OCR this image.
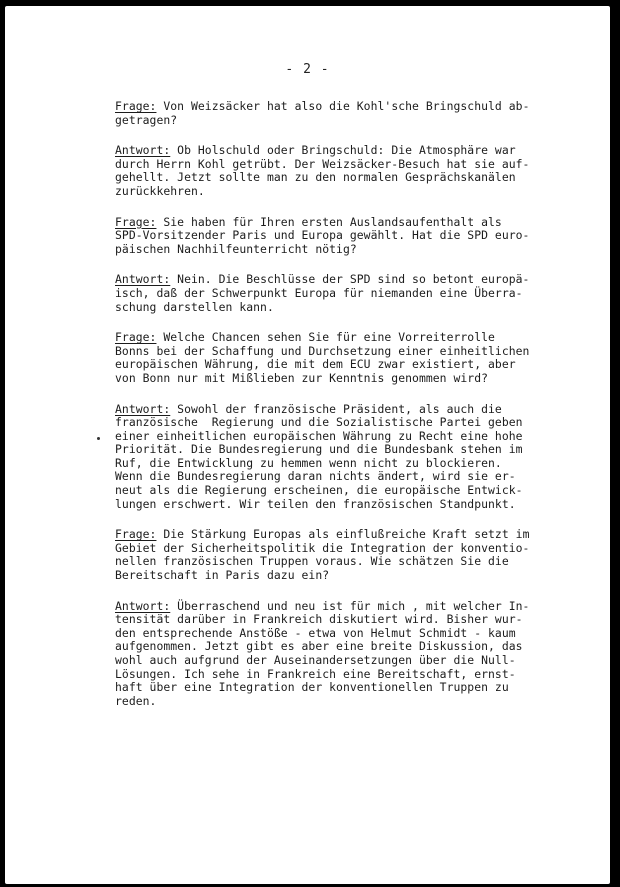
- 2 -

Frage: Von Weizsäcker hat also die Kohl'sche Bringschuld ab-
getragen?

Antwort: Ob Holschuld oder Bringschuld: Die Atmosphäre war
durch Herrn Kohl getrübt. Der Weizsäcker-Besuch hat sie auf-
gehellt. Jetzt sollte man zu den normalen Gesprächskanälen
zurückkehren.

Frage: Sie haben für Ihren ersten Auslandsaufenthalt als
SPD-Vorsitzender Paris und Europa gewählt. Hat die SPD euro-
päischen Nachhilfeunterricht nötig?

Antwort: Nein. Die Beschlüsse der SPD sind so betont europä-
isch, daß der Schwerpunkt Europa für niemanden eine Überra-
schung darstellen kann.

Frage: Welche Chancen sehen Sie für eine Vorreiterrolle
Bonns bei der Schaffung und Durchsetzung einer einheitlichen
europäischen Währung, die mit dem ECU zwar existiert, aber
von Bonn nur mit Mißlieben zur Kenntnis genommen wird?

Antwort: Sowohl der französische Präsident, als auch die
französische  Regierung und die Sozialistische Partei geben
einer einheitlichen europäischen Währung zu Recht eine hohe
Priorität. Die Bundesregierung und die Bundesbank stehen im
Ruf, die Entwicklung zu hemmen wenn nicht zu blockieren.
Wenn die Bundesregierung daran nichts ändert, wird sie er-
neut als die Regierung erscheinen, die europäische Entwick-
lungen erschwert. Wir teilen den französischen Standpunkt.

Frage: Die Stärkung Europas als einflußreiche Kraft setzt im
Gebiet der Sicherheitspolitik die Integration der konventio-
nellen französischen Truppen voraus. Wie schätzen Sie die
Bereitschaft in Paris dazu ein?

Antwort: Überraschend und neu ist für mich , mit welcher In-
tensität darüber in Frankreich diskutiert wird. Bisher wur-
den entsprechende Anstöße - etwa von Helmut Schmidt - kaum
aufgenommen. Jetzt gibt es aber eine breite Diskussion, das
wohl auch aufgrund der Auseinandersetzungen über die Null-
Lösungen. Ich sehe in Frankreich eine Bereitschaft, ernst-
haft über eine Integration der konventionellen Truppen zu
reden.
